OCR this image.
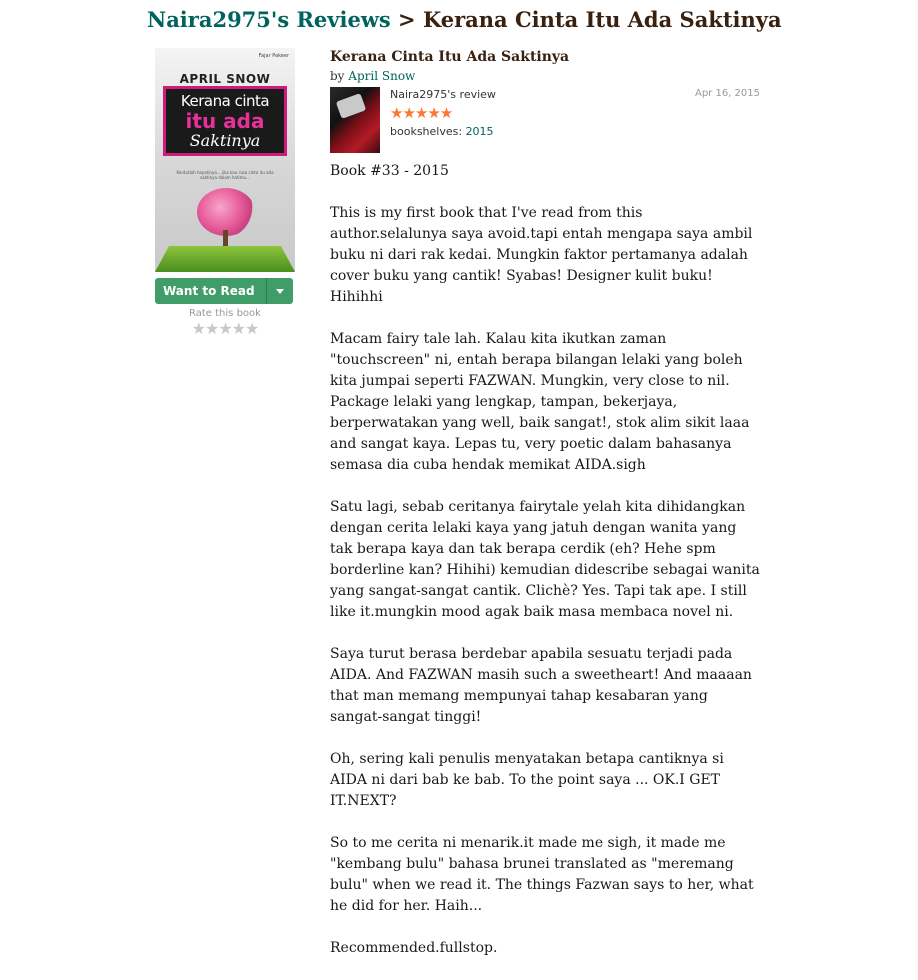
Naira2975's Reviews > Kerana Cinta Itu Ada Saktinya
Fajar Pakeer
APRIL SNOW
Kerana cinta
itu ada
Saktinya
Kerdutlah hayatinya... jika kau rasa cinta itu ada saktinya dalam hatimu...
Want to Read
Rate this book
★★★★★
Kerana Cinta Itu Ada Saktinya
by April Snow
Naira2975's review
★★★★★
bookshelves: 2015
Apr 16, 2015

Book #33 - 2015

This is my first book that I've read from this author.selalunya saya avoid.tapi entah mengapa saya ambil buku ni dari rak kedai. Mungkin faktor pertamanya adalah cover buku yang cantik! Syabas! Designer kulit buku! Hihihhi

Macam fairy tale lah. Kalau kita ikutkan zaman "touchscreen" ni, entah berapa bilangan lelaki yang boleh kita jumpai seperti FAZWAN. Mungkin, very close to nil. Package lelaki yang lengkap, tampan, bekerjaya, berperwatakan yang well, baik sangat!, stok alim sikit laaa and sangat kaya. Lepas tu, very poetic dalam bahasanya semasa dia cuba hendak memikat AIDA.sigh

Satu lagi, sebab ceritanya fairytale yelah kita dihidangkan dengan cerita lelaki kaya yang jatuh dengan wanita yang tak berapa kaya dan tak berapa cerdik (eh? Hehe spm borderline kan? Hihihi) kemudian didescribe sebagai wanita yang sangat-sangat cantik. Clichè? Yes. Tapi tak ape. I still like it.mungkin mood agak baik masa membaca novel ni.

Saya turut berasa berdebar apabila sesuatu terjadi pada AIDA. And FAZWAN masih such a sweetheart! And maaaan that man memang mempunyai tahap kesabaran yang sangat-sangat tinggi!

Oh, sering kali penulis menyatakan betapa cantiknya si AIDA ni dari bab ke bab. To the point saya ... OK.I GET IT.NEXT?

So to me cerita ni menarik.it made me sigh, it made me "kembang bulu" bahasa brunei translated as "meremang bulu" when we read it. The things Fazwan says to her, what he did for her. Haih...

Recommended.fullstop.
